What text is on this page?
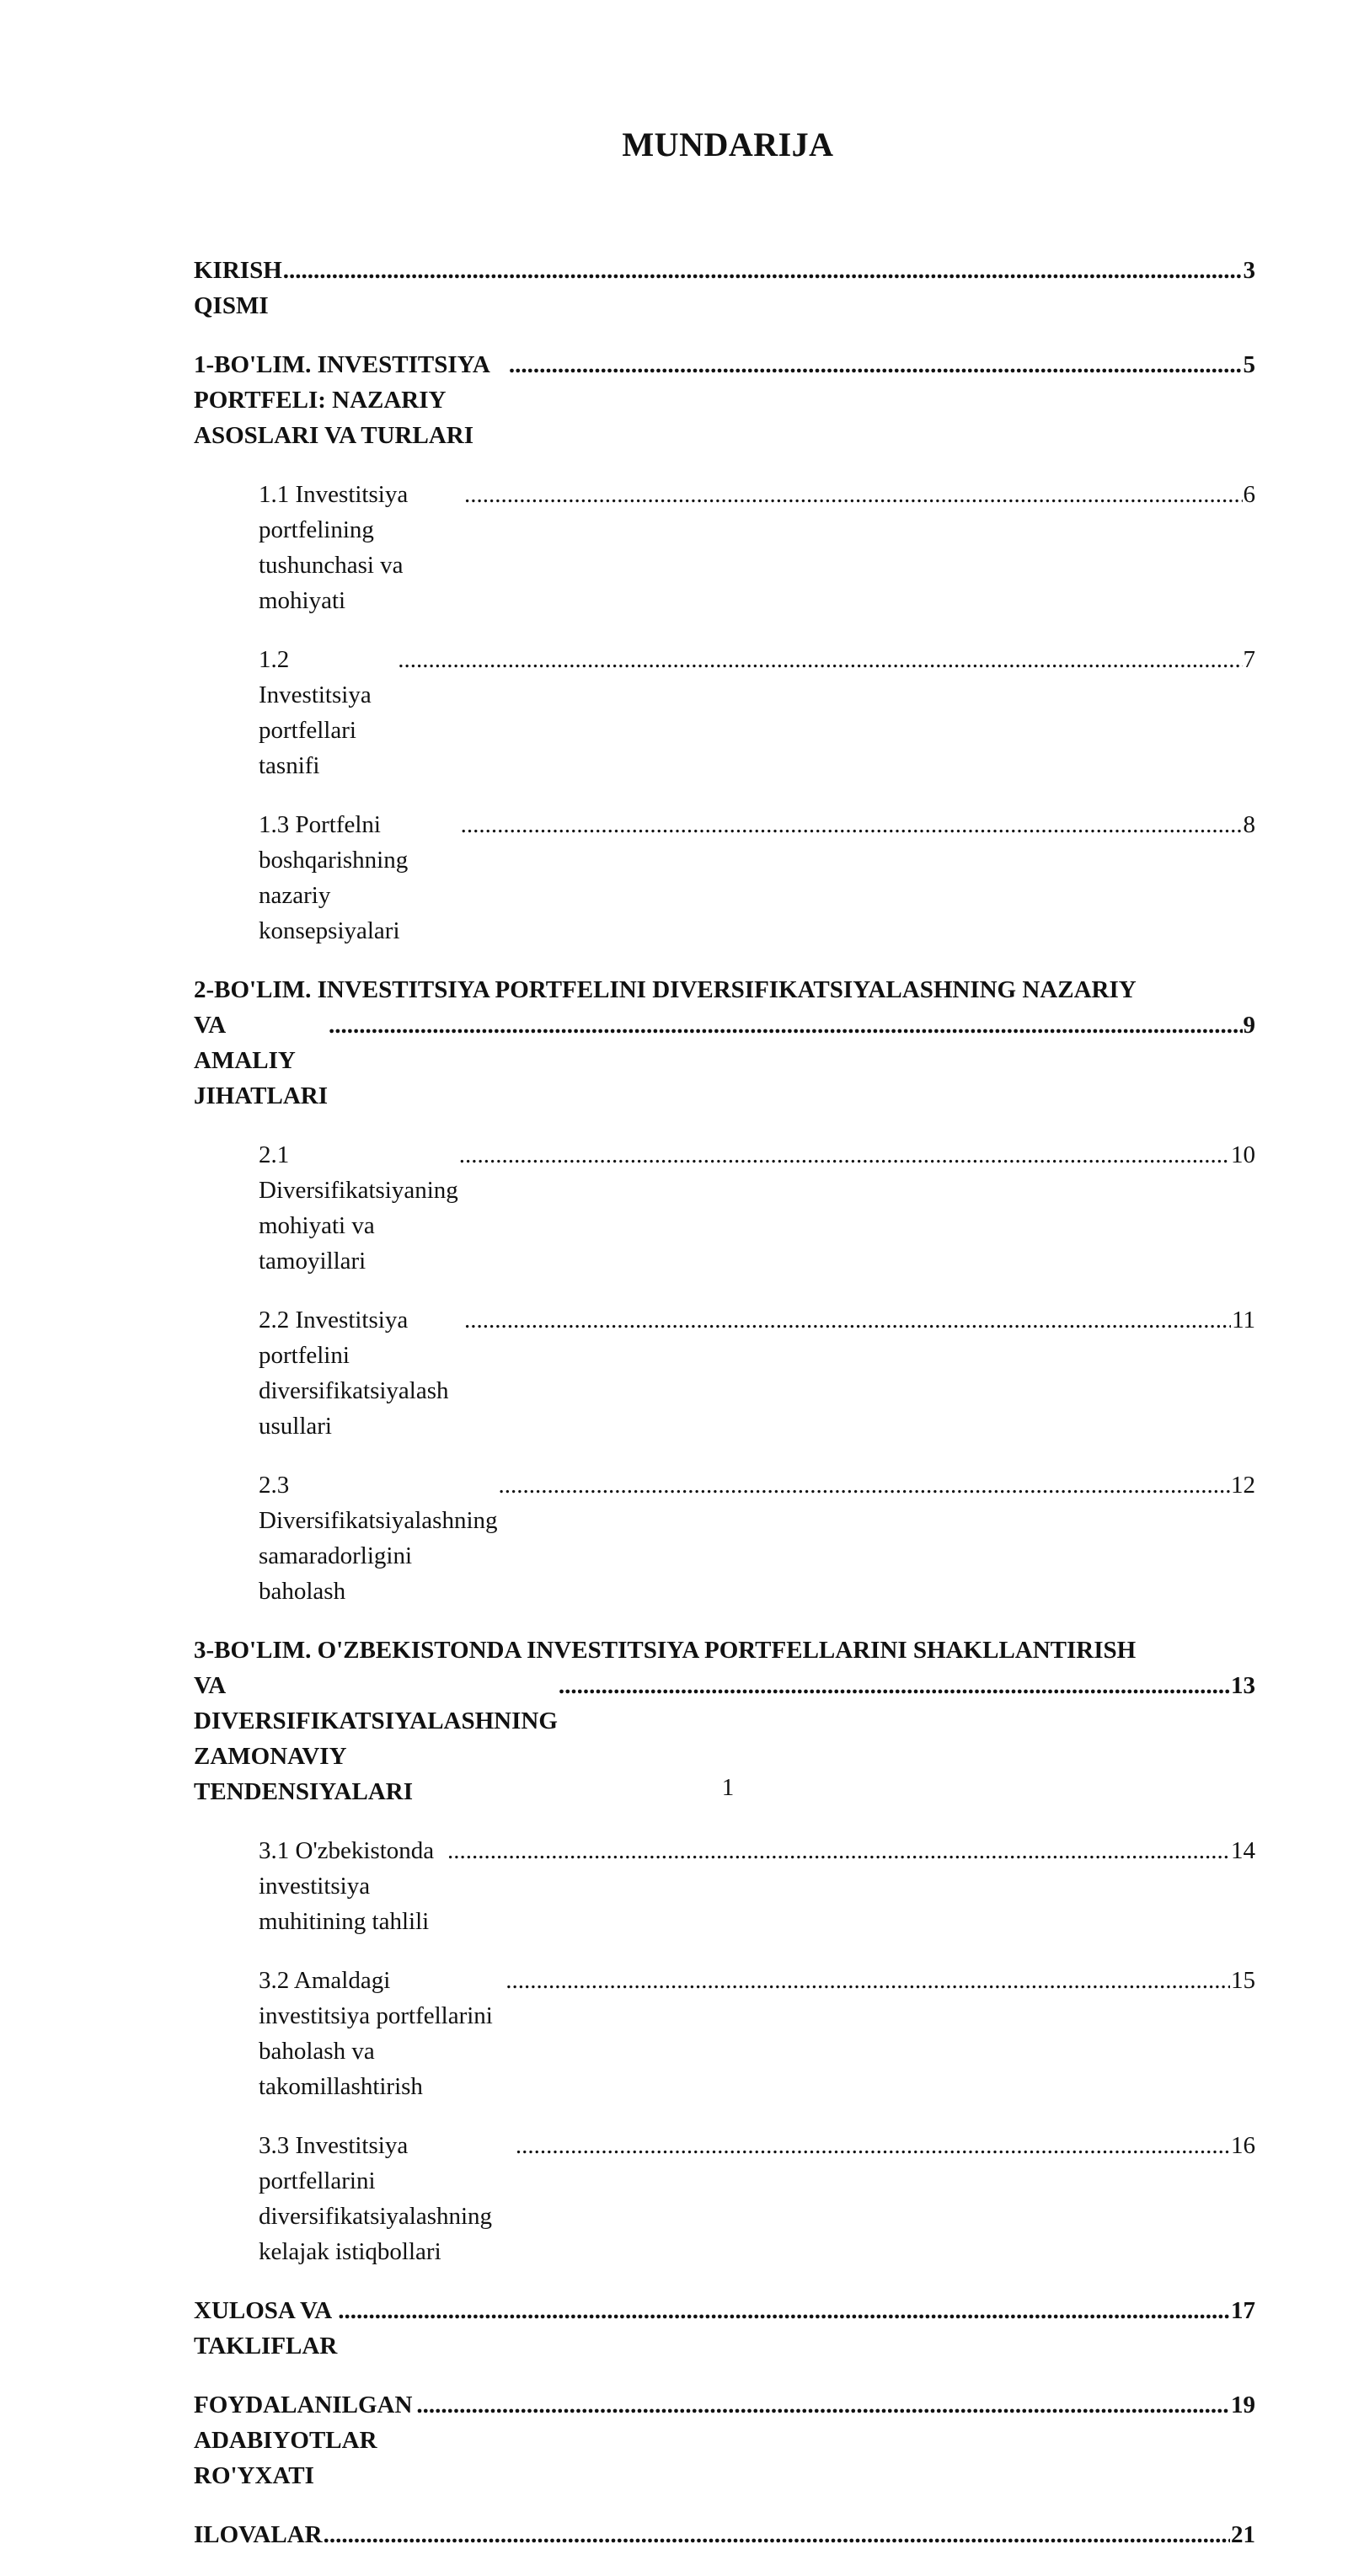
MUNDARIJA
KIRISH QISMI
.....
3
1-BO'LIM. INVESTITSIYA PORTFELI: NAZARIY ASOSLARI VA TURLARI
.....
5
1.1 Investitsiya portfelining tushunchasi va mohiyati
.....
6
1.2 Investitsiya portfellari tasnifi
.....
7
1.3 Portfelni boshqarishning nazariy konsepsiyalari
.....
8
2-BO'LIM. INVESTITSIYA PORTFELINI DIVERSIFIKATSIYALASHNING NAZARIY
VA AMALIY JIHATLARI
.....
9
2.1 Diversifikatsiyaning mohiyati va tamoyillari
.....
10
2.2 Investitsiya portfelini diversifikatsiyalash usullari
.....
11
2.3 Diversifikatsiyalashning samaradorligini baholash
.....
12
3-BO'LIM. O'ZBEKISTONDA INVESTITSIYA PORTFELLARINI SHAKLLANTIRISH
VA DIVERSIFIKATSIYALASHNING ZAMONAVIY TENDENSIYALARI
.....
13
3.1 O'zbekistonda investitsiya muhitining tahlili
.....
14
3.2 Amaldagi investitsiya portfellarini baholash va takomillashtirish
.....
15
3.3 Investitsiya portfellarini diversifikatsiyalashning kelajak istiqbollari
.....
16
XULOSA VA TAKLIFLAR
.....
17
FOYDALANILGAN ADABIYOTLAR RO'YXATI
.....
19
ILOVALAR
.....	21
1
